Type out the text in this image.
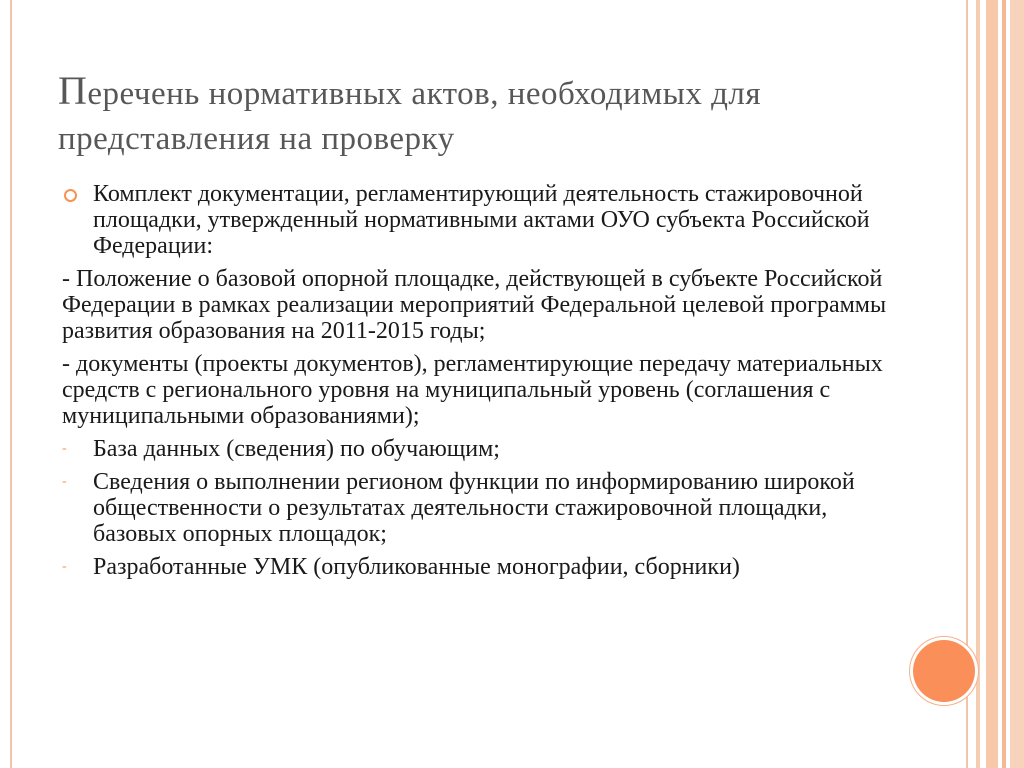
Перечень нормативных актов, необходимых для представления на проверку
Комплект документации, регламентирующий деятельность стажировочной площадки, утвержденный нормативными актами ОУО субъекта Российской Федерации:
- Положение о базовой опорной площадке, действующей в субъекте Российской Федерации в рамках реализации мероприятий Федеральной целевой программы развития образования на 2011-2015 годы;
- документы (проекты документов), регламентирующие передачу материальных средств с регионального уровня на муниципальный уровень (соглашения с муниципальными образованиями);
- База данных (сведения) по обучающим;
- Сведения о выполнении регионом функции по информированию широкой общественности о результатах деятельности стажировочной площадки, базовых опорных площадок;
- Разработанные УМК (опубликованные монографии, сборники)
